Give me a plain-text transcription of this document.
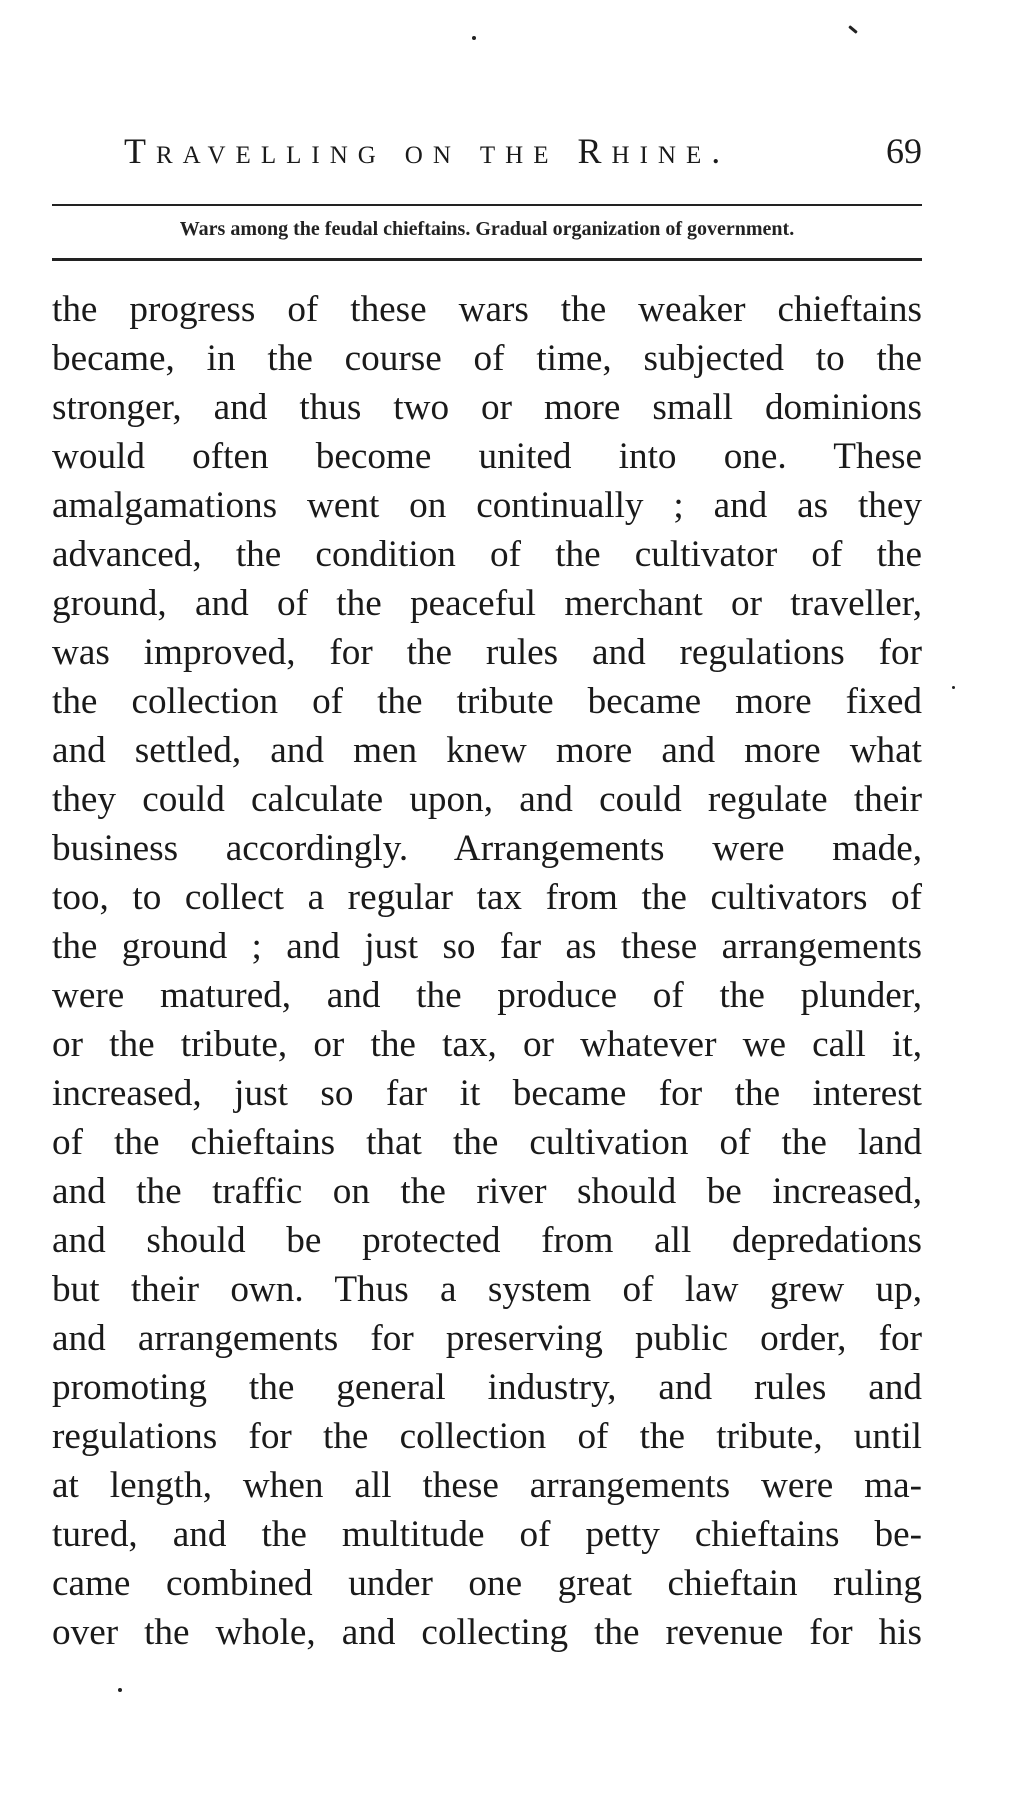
Travelling on the Rhine.	69
Wars among the feudal chieftains. Gradual organization of government.
the progress of these wars the weaker chieftains
became, in the course of time, subjected to the
stronger, and thus two or more small dominions
would often become united into one. These
amalgamations went on continually ; and as they
advanced, the condition of the cultivator of the
ground, and of the peaceful merchant or traveller,
was improved, for the rules and regulations for
the collection of the tribute became more fixed
and settled, and men knew more and more what
they could calculate upon, and could regulate their
business accordingly. Arrangements were made,
too, to collect a regular tax from the cultivators of
the ground ; and just so far as these arrangements
were matured, and the produce of the plunder,
or the tribute, or the tax, or whatever we call it,
increased, just so far it became for the interest
of the chieftains that the cultivation of the land
and the traffic on the river should be increased,
and should be protected from all depredations
but their own. Thus a system of law grew up,
and arrangements for preserving public order, for
promoting the general industry, and rules and
regulations for the collection of the tribute, until
at length, when all these arrangements were ma-
tured, and the multitude of petty chieftains be-
came combined under one great chieftain ruling
over the whole, and collecting the revenue for his
